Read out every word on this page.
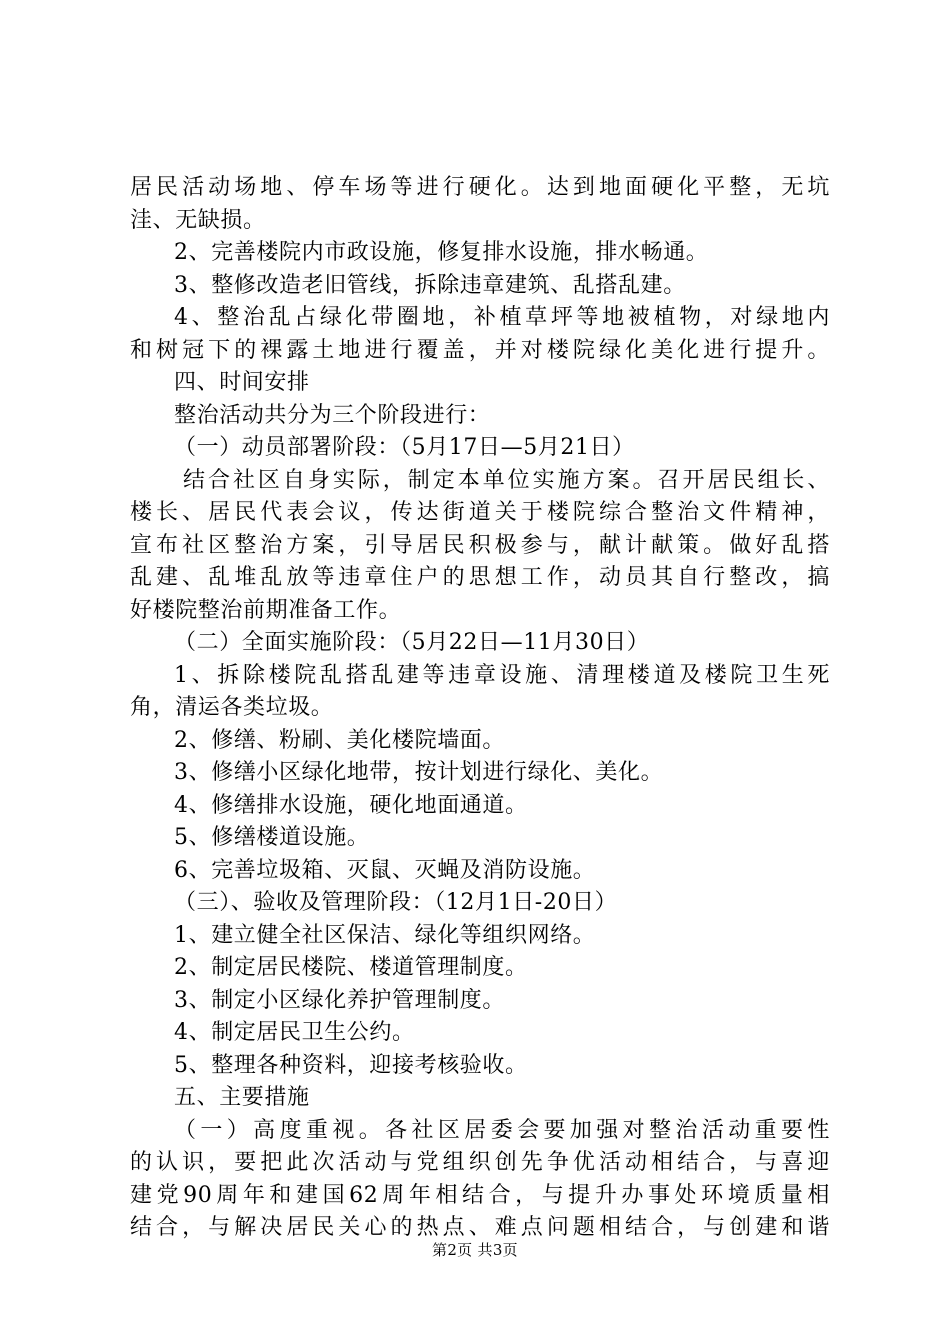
居民活动场地、停车场等进行硬化。达到地面硬化平整，无坑
洼、无缺损。
2、完善楼院内市政设施，修复排水设施，排水畅通。
3、整修改造老旧管线，拆除违章建筑、乱搭乱建。
4、整治乱占绿化带圈地，补植草坪等地被植物，对绿地内
和树冠下的裸露土地进行覆盖，并对楼院绿化美化进行提升。
四、时间安排
整治活动共分为三个阶段进行：
（一）动员部署阶段：（5月17日—5月21日）
结合社区自身实际，制定本单位实施方案。召开居民组长、
楼长、居民代表会议，传达街道关于楼院综合整治文件精神，
宣布社区整治方案，引导居民积极参与，献计献策。做好乱搭
乱建、乱堆乱放等违章住户的思想工作，动员其自行整改，搞
好楼院整治前期准备工作。
（二）全面实施阶段：（5月22日—11月30日）
1、拆除楼院乱搭乱建等违章设施、清理楼道及楼院卫生死
角，清运各类垃圾。
2、修缮、粉刷、美化楼院墙面。
3、修缮小区绿化地带，按计划进行绿化、美化。
4、修缮排水设施，硬化地面通道。
5、修缮楼道设施。
6、完善垃圾箱、灭鼠、灭蝇及消防设施。
（三）、验收及管理阶段：（12月1日-20日）
1、建立健全社区保洁、绿化等组织网络。
2、制定居民楼院、楼道管理制度。
3、制定小区绿化养护管理制度。
4、制定居民卫生公约。
5、整理各种资料，迎接考核验收。
五、主要措施
（一）高度重视。各社区居委会要加强对整治活动重要性
的认识，要把此次活动与党组织创先争优活动相结合，与喜迎
建党90周年和建国62周年相结合，与提升办事处环境质量相
结合，与解决居民关心的热点、难点问题相结合，与创建和谐
第2页 共3页
